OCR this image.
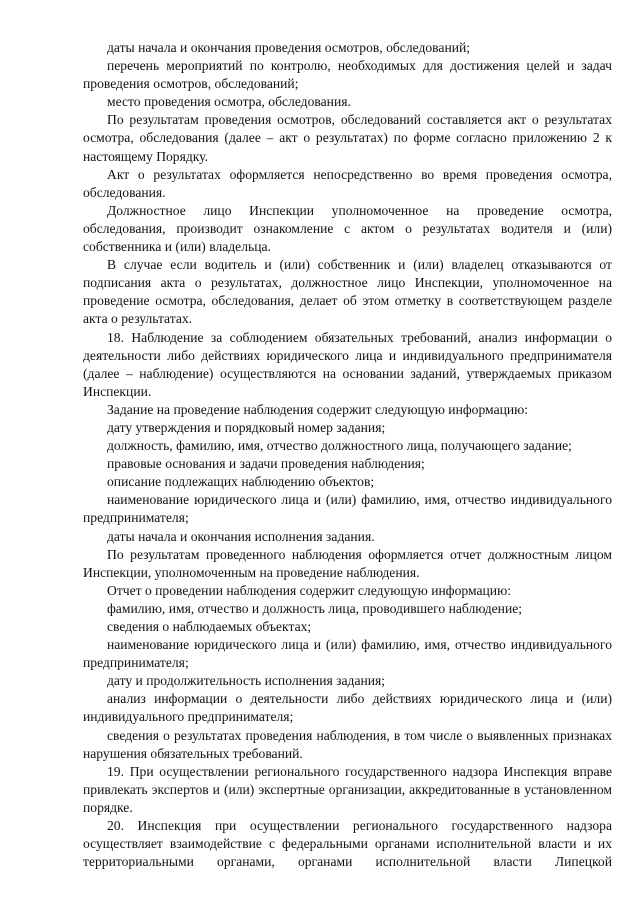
даты начала и окончания проведения осмотров, обследований;

перечень мероприятий по контролю, необходимых для достижения целей и задач проведения осмотров, обследований;

место проведения осмотра, обследования.

По результатам проведения осмотров, обследований составляется акт о результатах осмотра, обследования (далее – акт о результатах) по форме согласно приложению 2 к настоящему Порядку.

Акт о результатах оформляется непосредственно во время проведения осмотра, обследования.

Должностное лицо Инспекции уполномоченное на проведение осмотра, обследования, производит ознакомление с актом о результатах водителя и (или) собственника и (или) владельца.

В случае если водитель и (или) собственник и (или) владелец отказываются от подписания акта о результатах, должностное лицо Инспекции, уполномоченное на проведение осмотра, обследования, делает об этом отметку в соответствующем разделе акта о результатах.

18. Наблюдение за соблюдением обязательных требований, анализ информации о деятельности либо действиях юридического лица и индивидуального предпринимателя (далее – наблюдение) осуществляются на основании заданий, утверждаемых приказом Инспекции.

Задание на проведение наблюдения содержит следующую информацию:

дату утверждения и порядковый номер задания;

должность, фамилию, имя, отчество должностного лица, получающего задание;

правовые основания и задачи проведения наблюдения;

описание подлежащих наблюдению объектов;

наименование юридического лица и (или) фамилию, имя, отчество индивидуального предпринимателя;

даты начала и окончания исполнения задания.

По результатам проведенного наблюдения оформляется отчет должностным лицом Инспекции, уполномоченным на проведение наблюдения.

Отчет о проведении наблюдения содержит следующую информацию:

фамилию, имя, отчество и должность лица, проводившего наблюдение;

сведения о наблюдаемых объектах;

наименование юридического лица и (или) фамилию, имя, отчество индивидуального предпринимателя;

дату и продолжительность исполнения задания;

анализ информации о деятельности либо действиях юридического лица и (или) индивидуального предпринимателя;

сведения о результатах проведения наблюдения, в том числе о выявленных признаках нарушения обязательных требований.

19. При осуществлении регионального государственного надзора Инспекция вправе привлекать экспертов и (или) экспертные организации, аккредитованные в установленном порядке.

20. Инспекция при осуществлении регионального государственного надзора осуществляет взаимодействие с федеральными органами исполнительной власти и их территориальными органами, органами исполнительной власти Липецкой
